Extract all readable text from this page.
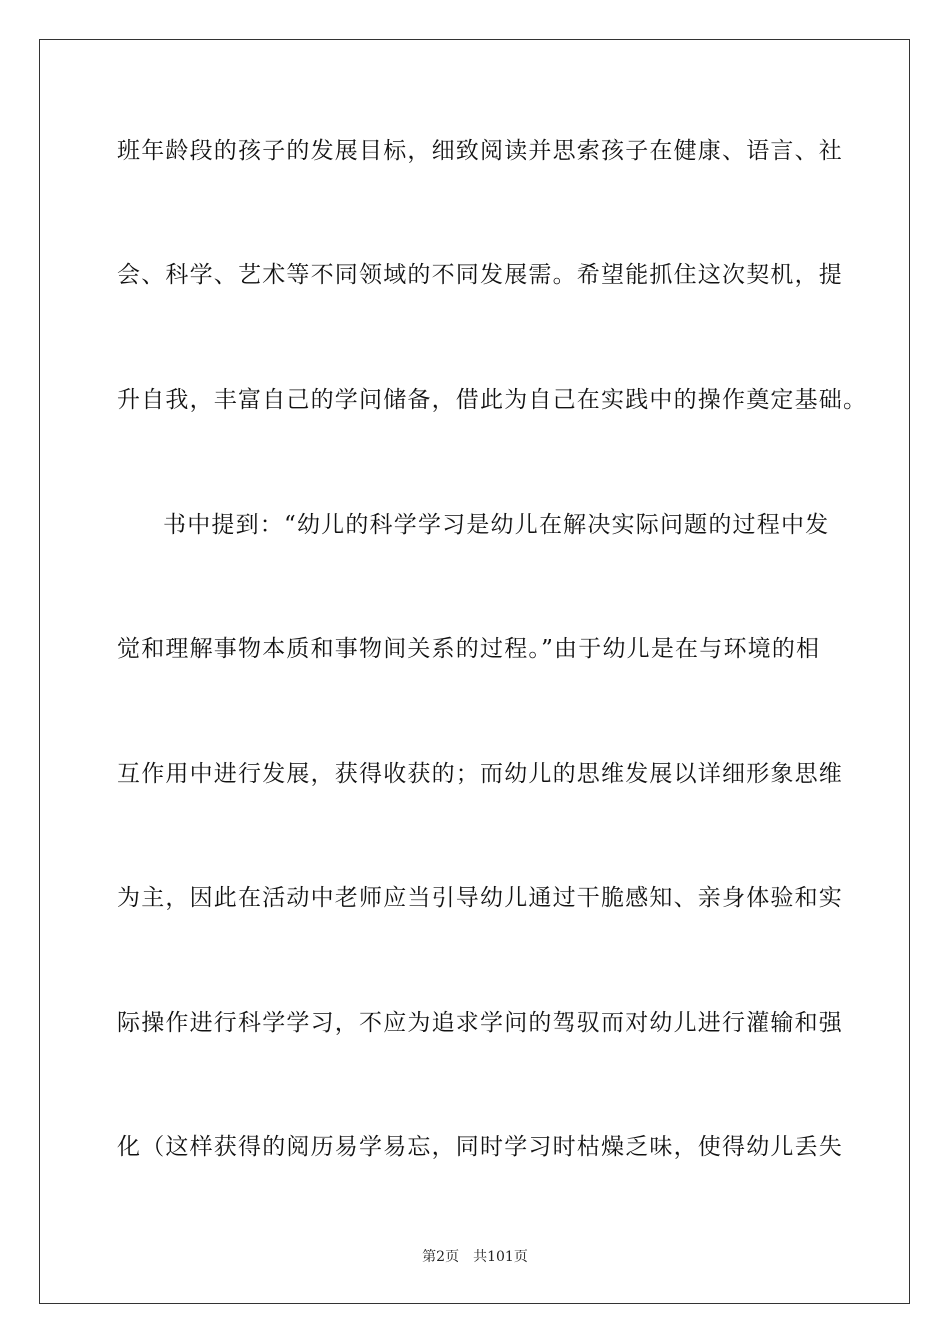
班年龄段的孩子的发展目标，细致阅读并思索孩子在健康、语言、社
会、科学、艺术等不同领域的不同发展需。希望能抓住这次契机，提
升自我，丰富自己的学问储备，借此为自己在实践中的操作奠定基础。
书中提到：“幼儿的科学学习是幼儿在解决实际问题的过程中发
觉和理解事物本质和事物间关系的过程。”由于幼儿是在与环境的相
互作用中进行发展，获得收获的；而幼儿的思维发展以详细形象思维
为主，因此在活动中老师应当引导幼儿通过干脆感知、亲身体验和实
际操作进行科学学习，不应为追求学问的驾驭而对幼儿进行灌输和强
化（这样获得的阅历易学易忘，同时学习时枯燥乏味，使得幼儿丢失
第2页 共101页
